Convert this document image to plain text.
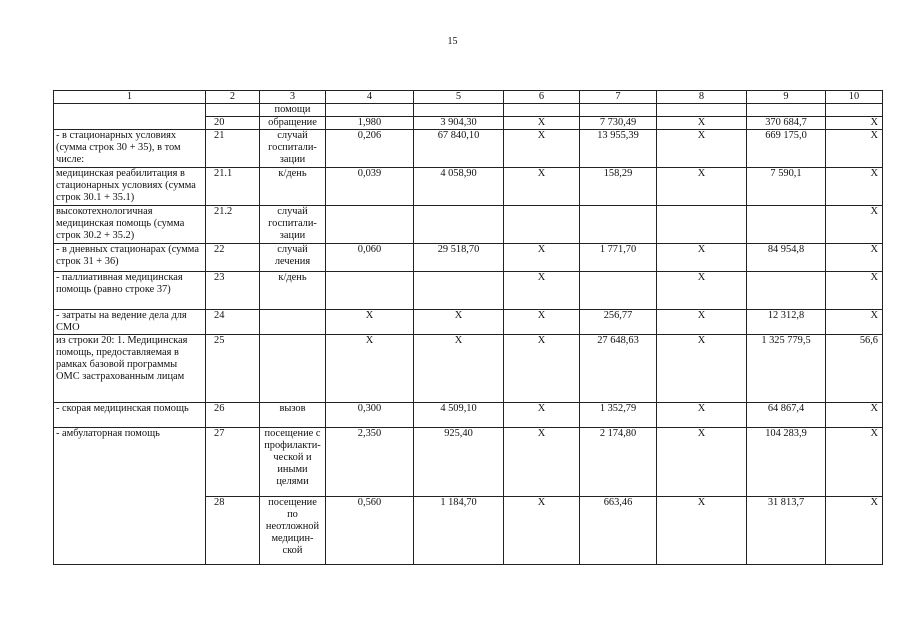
15
1	2	3	4	5	6	7	8	9	10
		помощи							
	20	обращение	1,980	3 904,30	X	7 730,49	X	370 684,7	X
- в стационарных условиях (сумма строк 30 + 35), в том числе:	21	случай госпитали-зации	0,206	67 840,10	X	13 955,39	X	669 175,0	X
медицинская реабилитация в стационарных условиях (сумма строк 30.1 + 35.1)	21.1	к/день	0,039	4 058,90	X	158,29	X	7 590,1	X
высокотехнологичная медицинская помощь (сумма строк 30.2 + 35.2)	21.2	случай госпитали-зации							X
- в дневных стационарах (сумма строк 31 + 36)	22	случай лечения	0,060	29 518,70	X	1 771,70	X	84 954,8	X
- паллиативная медицинская помощь (равно строке 37)	23	к/день			X		X		X
- затраты на ведение дела для СМО	24		X	X	X	256,77	X	12 312,8	X
из строки 20: 1. Медицинская помощь, предоставляемая в рамках базовой программы ОМС застрахованным лицам	25		X	X	X	27 648,63	X	1 325 779,5	56,6
- скорая медицинская помощь	26	вызов	0,300	4 509,10	X	1 352,79	X	64 867,4	X
- амбулаторная помощь	27	посещение с профилакти-ческой и иными целями	2,350	925,40	X	2 174,80	X	104 283,9	X
	28	посещение по неотложной медицин-ской	0,560	1 184,70	X	663,46	X	31 813,7	X
